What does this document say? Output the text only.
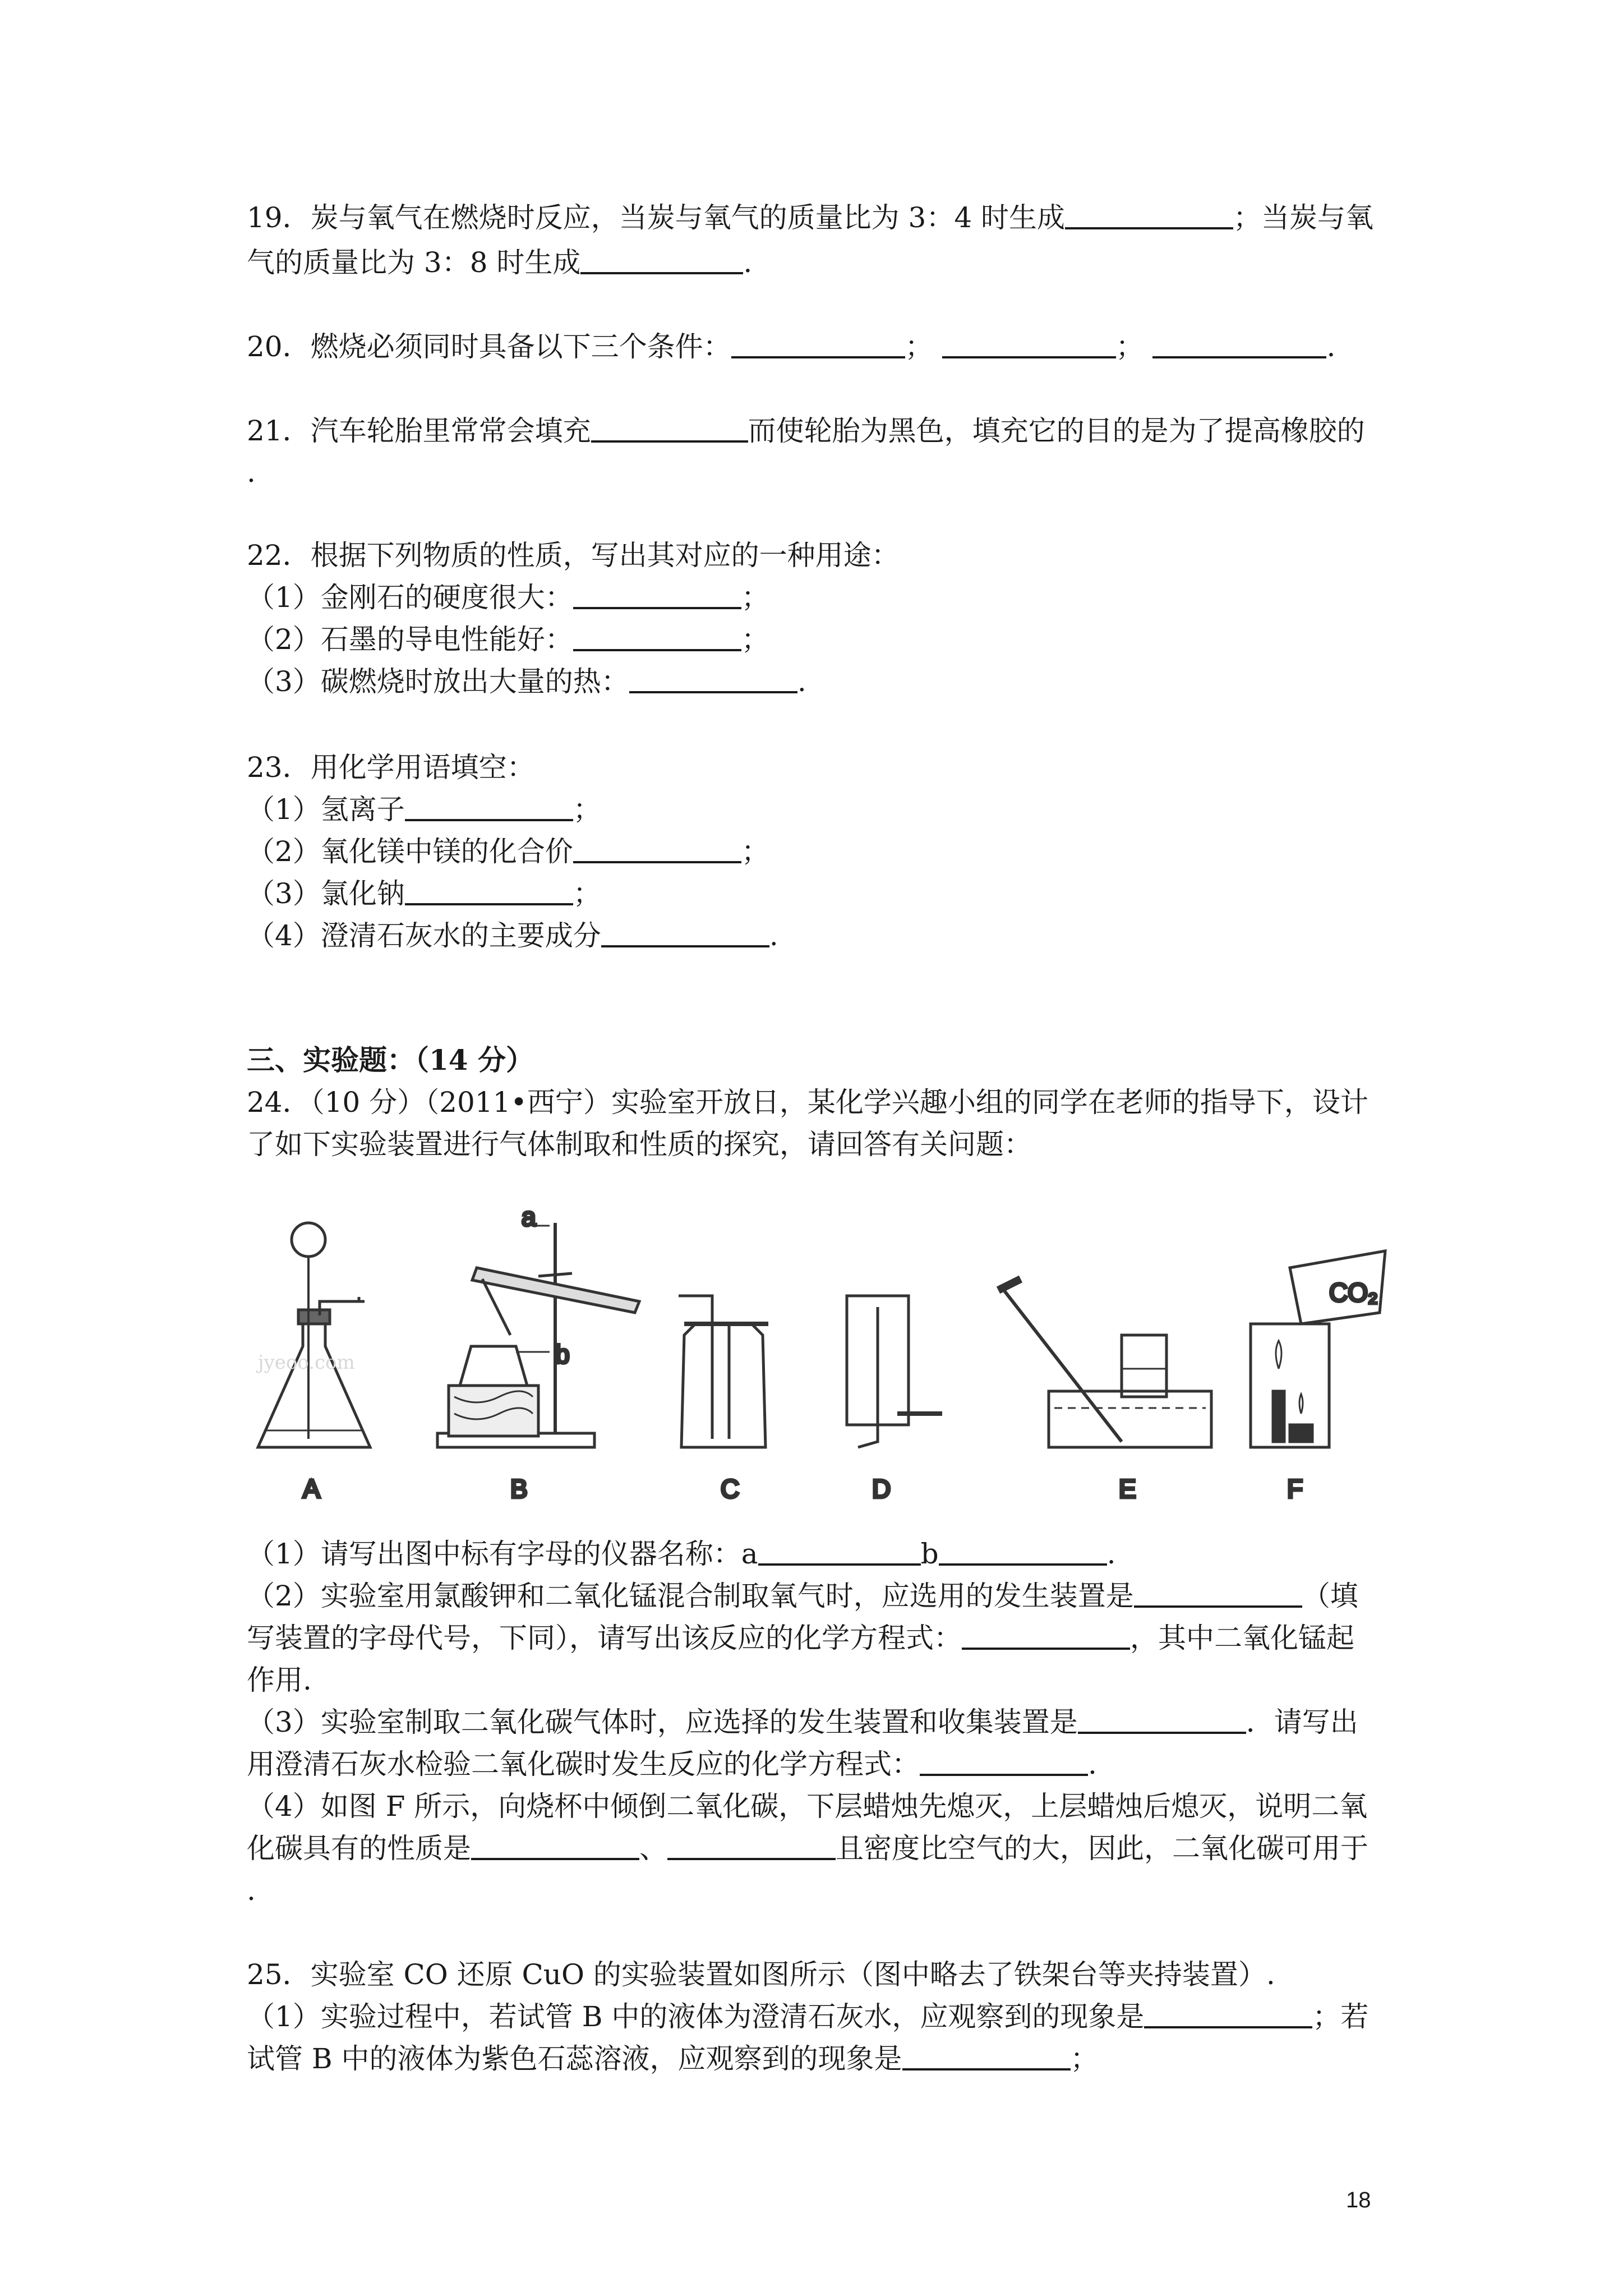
19．炭与氧气在燃烧时反应，当炭与氧气的质量比为 3：4 时生成	；当炭与氧
气的质量比为 3：8 时生成	.
20．燃烧必须同时具备以下三个条件：	；	；	.
21．汽车轮胎里常常会填充	而使轮胎为黑色，填充它的目的是为了提高橡胶的
.
22．根据下列物质的性质，写出其对应的一种用途：
（1）金刚石的硬度很大：	；
（2）石墨的导电性能好：	；
（3）碳燃烧时放出大量的热：	.
23．用化学用语填空：
（1）氢离子	；
（2）氧化镁中镁的化合价	；
（3）氯化钠	；
（4）澄清石灰水的主要成分	.
三、实验题：（14 分）
24．（10 分）（2011•西宁）实验室开放日，某化学兴趣小组的同学在老师的指导下，设计
了如下实验装置进行气体制取和性质的探究，请回答有关问题：
a
b
CO₂
A	B	C	D	E	F
jyeoo.com
（1）请写出图中标有字母的仪器名称：a	b	.
（2）实验室用氯酸钾和二氧化锰混合制取氧气时，应选用的发生装置是	（填
写装置的字母代号，下同），请写出该反应的化学方程式：	，其中二氧化锰起
作用.
（3）实验室制取二氧化碳气体时，应选择的发生装置和收集装置是	．请写出
用澄清石灰水检验二氧化碳时发生反应的化学方程式：	.
（4）如图 F 所示，向烧杯中倾倒二氧化碳，下层蜡烛先熄灭，上层蜡烛后熄灭，说明二氧
化碳具有的性质是	、	且密度比空气的大，因此，二氧化碳可用于
.
25．实验室 CO 还原 CuO 的实验装置如图所示（图中略去了铁架台等夹持装置）.
（1）实验过程中，若试管 B 中的液体为澄清石灰水，应观察到的现象是	；若
试管 B 中的液体为紫色石蕊溶液，应观察到的现象是	；
18
